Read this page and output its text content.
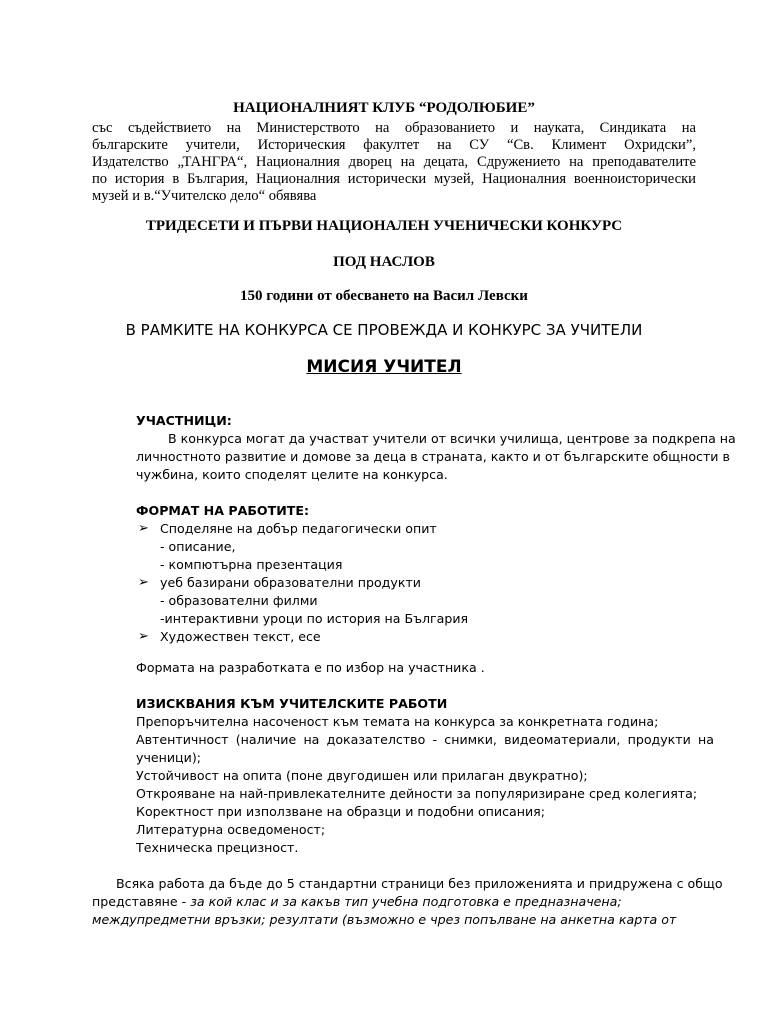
НАЦИОНАЛНИЯТ КЛУБ “РОДОЛЮБИЕ”
със съдействието на Министерството на образованието и науката, Синдиката на
българските учители, Историческия факултет на СУ “Св. Климент Охридски”,
Издателство „ТАНГРА“, Националния дворец на децата, Сдружението на преподавателите
по история в България, Националния исторически музей, Националния военноисторически
музей и в.“Учителско дело“ обявява
ТРИДЕСЕТИ И ПЪРВИ НАЦИОНАЛЕН УЧЕНИЧЕСКИ КОНКУРС
ПОД НАСЛОВ
150 години от обесването на Васил Левски
В РАМКИТЕ НА КОНКУРСА СЕ ПРОВЕЖДА И КОНКУРС ЗА УЧИТЕЛИ
МИСИЯ УЧИТЕЛ
УЧАСТНИЦИ:
В конкурса могат да участват учители от всички училища, центрове за подкрепа на
личностното развитие и домове за деца в страната, както и от българските общности в
чужбина, които споделят целите на конкурса.
ФОРМАТ НА РАБОТИТЕ:
➢ Споделяне на добър педагогически опит
- описание,
- компютърна презентация
➢ уеб базирани образователни продукти
- образователни филми
-интерактивни уроци по история на България
➢ Художествен текст, есе
Формата на разработката е по избор на участника .
ИЗИСКВАНИЯ КЪМ УЧИТЕЛСКИТЕ РАБОТИ
Препоръчителна насоченост към темата на конкурса за конкретната година;
Автентичност (наличие на доказателство - снимки, видеоматериали, продукти на
ученици);
Устойчивост на опита (поне двугодишен или прилаган двукратно);
Открояване на най-привлекателните дейности за популяризиране сред колегията;
Коректност при използване на образци и подобни описания;
Литературна осведоменост;
Техническа прецизност.
Всяка работа да бъде до 5 стандартни страници без приложенията и придружена с общо
представяне - за кой клас и за какъв тип учебна подготовка е предназначена;
междупредметни връзки; резултати (възможно е чрез попълване на анкетна карта от
